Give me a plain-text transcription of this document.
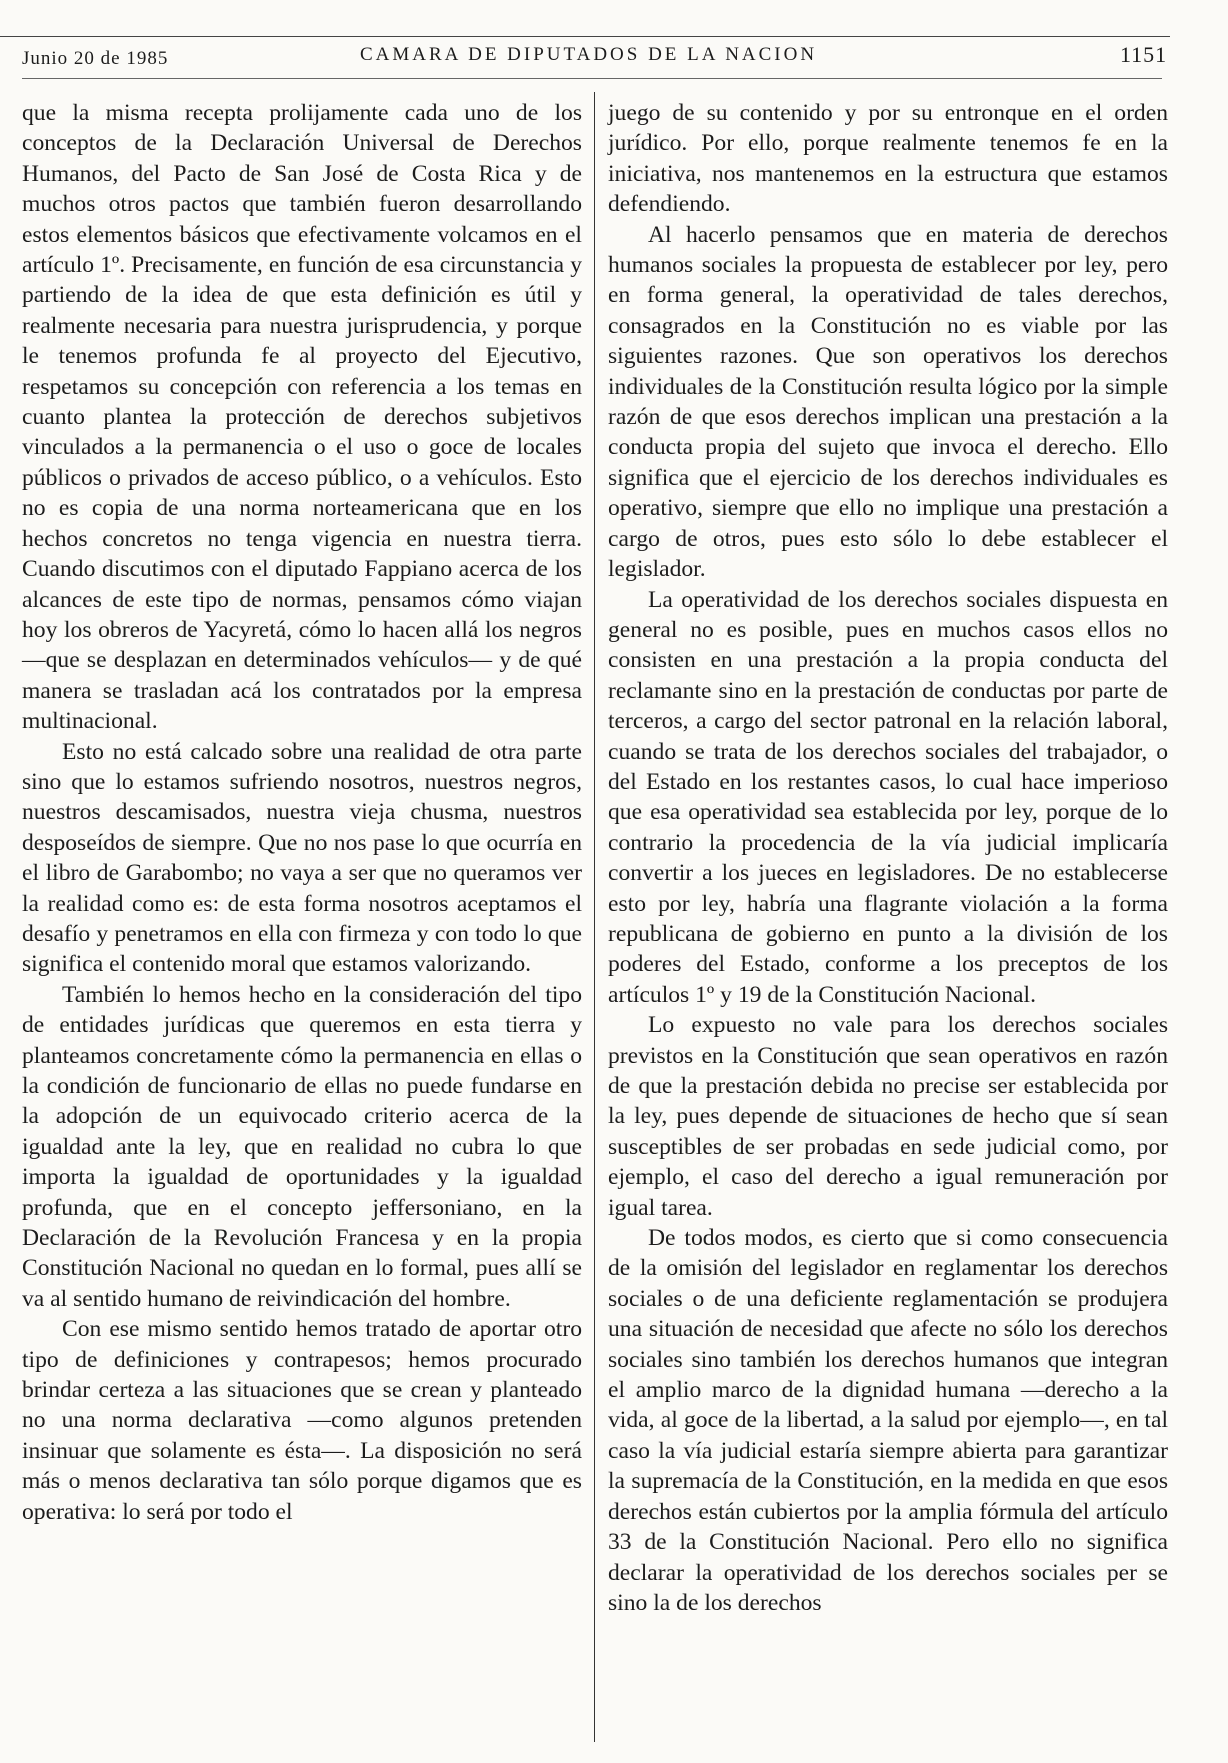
Junio 20 de 1985	CAMARA DE DIPUTADOS DE LA NACION	1151

que la misma recepta prolijamente cada uno de los conceptos de la Declaración Universal de Derechos Humanos, del Pacto de San José de Costa Rica y de muchos otros pactos que también fueron desarrollando estos elementos básicos que efectivamente volcamos en el artículo 1º. Precisamente, en función de esa circunstancia y partiendo de la idea de que esta definición es útil y realmente necesaria para nuestra jurisprudencia, y porque le tenemos profunda fe al proyecto del Ejecutivo, respetamos su concepción con referencia a los temas en cuanto plantea la protección de derechos subjetivos vinculados a la permanencia o el uso o goce de locales públicos o privados de acceso público, o a vehículos. Esto no es copia de una norma norteamericana que en los hechos concretos no tenga vigencia en nuestra tierra. Cuando discutimos con el diputado Fappiano acerca de los alcances de este tipo de normas, pensamos cómo viajan hoy los obreros de Yacyretá, cómo lo hacen allá los negros —que se desplazan en determinados vehículos— y de qué manera se trasladan acá los contratados por la empresa multinacional.

Esto no está calcado sobre una realidad de otra parte sino que lo estamos sufriendo nosotros, nuestros negros, nuestros descamisados, nuestra vieja chusma, nuestros desposeídos de siempre. Que no nos pase lo que ocurría en el libro de Garabombo; no vaya a ser que no queramos ver la realidad como es: de esta forma nosotros aceptamos el desafío y penetramos en ella con firmeza y con todo lo que significa el contenido moral que estamos valorizando.

También lo hemos hecho en la consideración del tipo de entidades jurídicas que queremos en esta tierra y planteamos concretamente cómo la permanencia en ellas o la condición de funcionario de ellas no puede fundarse en la adopción de un equivocado criterio acerca de la igualdad ante la ley, que en realidad no cubra lo que importa la igualdad de oportunidades y la igualdad profunda, que en el concepto jeffersoniano, en la Declaración de la Revolución Francesa y en la propia Constitución Nacional no quedan en lo formal, pues allí se va al sentido humano de reivindicación del hombre.

Con ese mismo sentido hemos tratado de aportar otro tipo de definiciones y contrapesos; hemos procurado brindar certeza a las situaciones que se crean y planteado no una norma declarativa —como algunos pretenden insinuar que solamente es ésta—. La disposición no será más o menos declarativa tan sólo porque digamos que es operativa: lo será por todo el

juego de su contenido y por su entronque en el orden jurídico. Por ello, porque realmente tenemos fe en la iniciativa, nos mantenemos en la estructura que estamos defendiendo.

Al hacerlo pensamos que en materia de derechos humanos sociales la propuesta de establecer por ley, pero en forma general, la operatividad de tales derechos, consagrados en la Constitución no es viable por las siguientes razones. Que son operativos los derechos individuales de la Constitución resulta lógico por la simple razón de que esos derechos implican una prestación a la conducta propia del sujeto que invoca el derecho. Ello significa que el ejercicio de los derechos individuales es operativo, siempre que ello no implique una prestación a cargo de otros, pues esto sólo lo debe establecer el legislador.

La operatividad de los derechos sociales dispuesta en general no es posible, pues en muchos casos ellos no consisten en una prestación a la propia conducta del reclamante sino en la prestación de conductas por parte de terceros, a cargo del sector patronal en la relación laboral, cuando se trata de los derechos sociales del trabajador, o del Estado en los restantes casos, lo cual hace imperioso que esa operatividad sea establecida por ley, porque de lo contrario la procedencia de la vía judicial implicaría convertir a los jueces en legisladores. De no establecerse esto por ley, habría una flagrante violación a la forma republicana de gobierno en punto a la división de los poderes del Estado, conforme a los preceptos de los artículos 1º y 19 de la Constitución Nacional.

Lo expuesto no vale para los derechos sociales previstos en la Constitución que sean operativos en razón de que la prestación debida no precise ser establecida por la ley, pues depende de situaciones de hecho que sí sean susceptibles de ser probadas en sede judicial como, por ejemplo, el caso del derecho a igual remuneración por igual tarea.

De todos modos, es cierto que si como consecuencia de la omisión del legislador en reglamentar los derechos sociales o de una deficiente reglamentación se produjera una situación de necesidad que afecte no sólo los derechos sociales sino también los derechos humanos que integran el amplio marco de la dignidad humana —derecho a la vida, al goce de la libertad, a la salud por ejemplo—, en tal caso la vía judicial estaría siempre abierta para garantizar la supremacía de la Constitución, en la medida en que esos derechos están cubiertos por la amplia fórmula del artículo 33 de la Constitución Nacional. Pero ello no significa declarar la operatividad de los derechos sociales per se sino la de los derechos
